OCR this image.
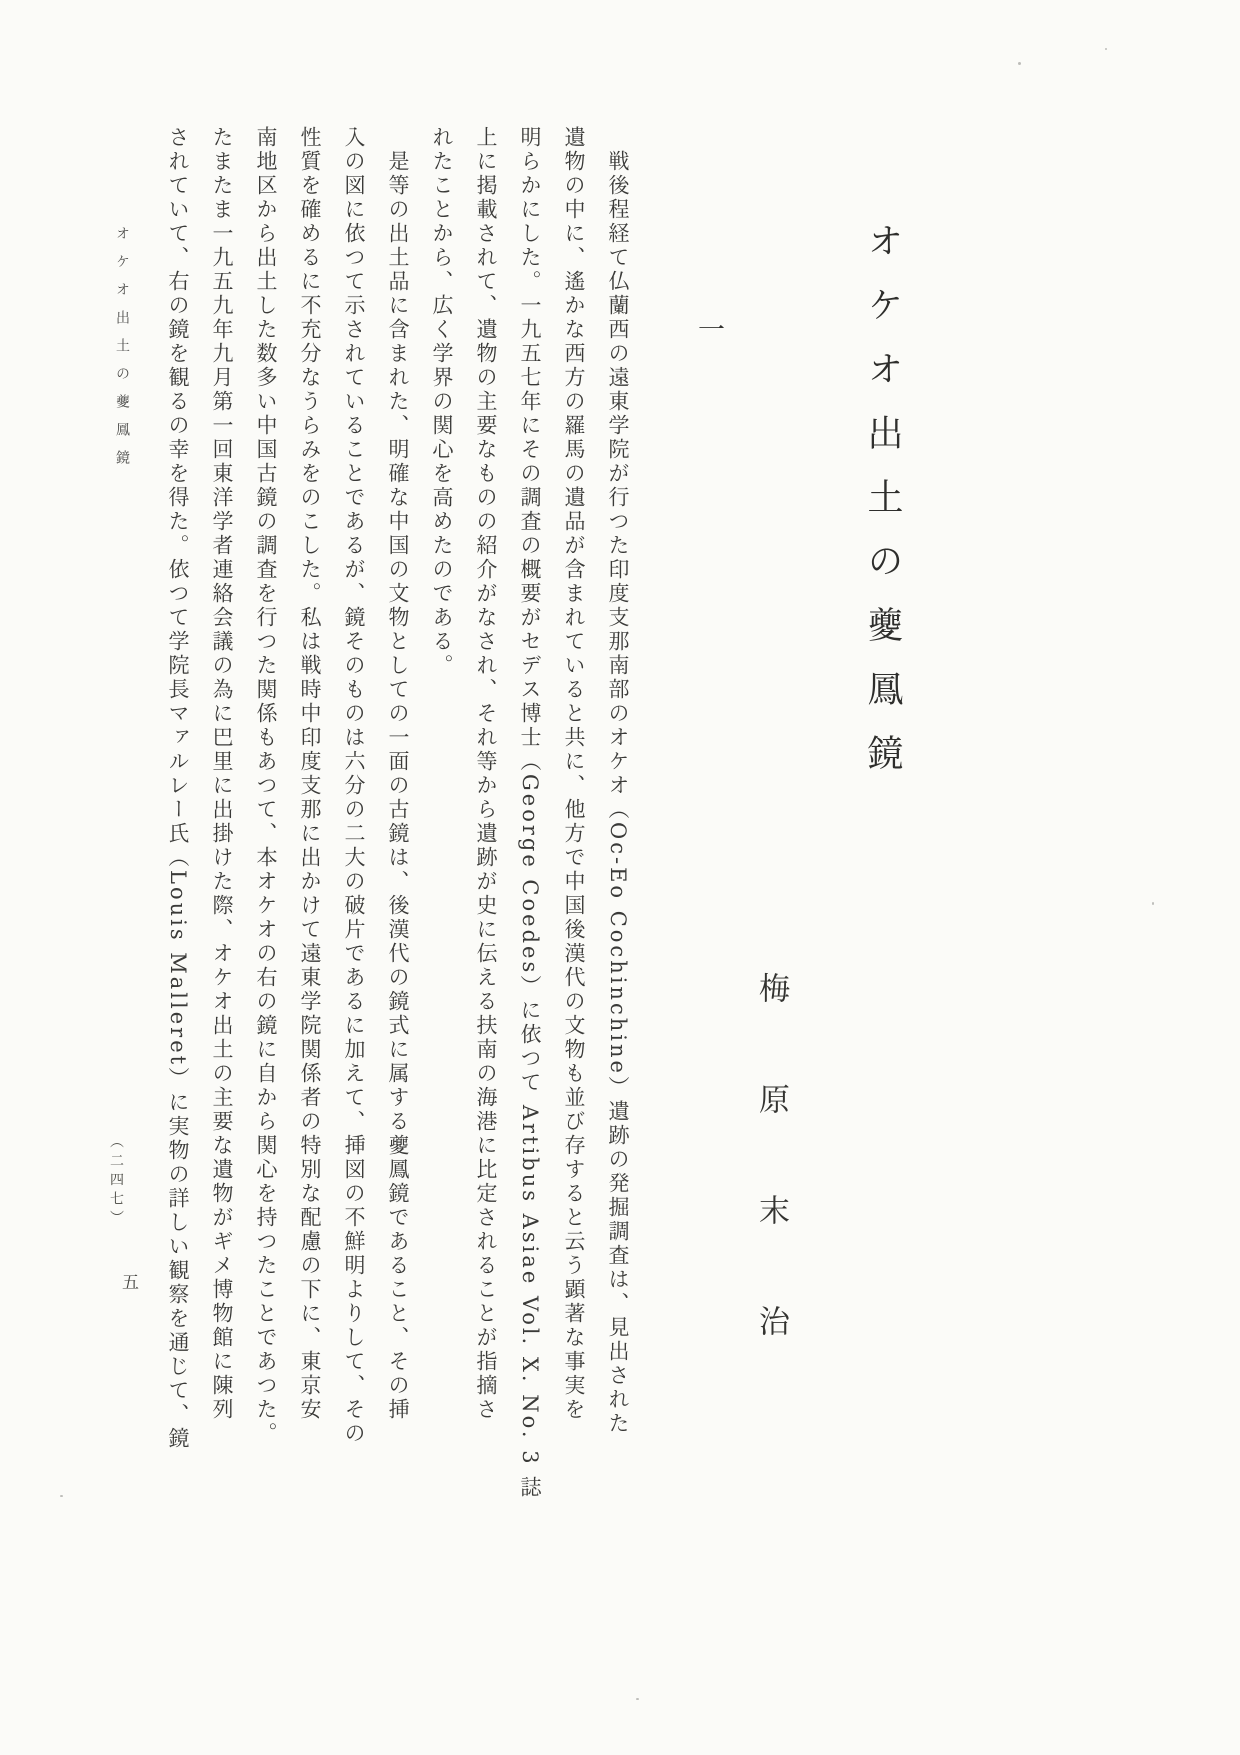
オケオ出土の夔鳳鏡
梅原末治
一
　戦後程経て仏蘭西の遠東学院が行つた印度支那南部のオケオ（Oc-Eo Cochinchine）遺跡の発掘調査は、見出された
遺物の中に、遙かな西方の羅馬の遺品が含まれていると共に、他方で中国後漢代の文物も並び存すると云う顕著な事実を
明らかにした。一九五七年にその調査の概要がセデス博士（George Coedes）に依つて Artibus Asiae Vol. X. No. 3 誌
上に掲載されて、遺物の主要なものの紹介がなされ、それ等から遺跡が史に伝える扶南の海港に比定されることが指摘さ
れたことから、広く学界の関心を高めたのである。
　是等の出土品に含まれた、明確な中国の文物としての一面の古鏡は、後漢代の鏡式に属する夔鳳鏡であること、その挿
入の図に依つて示されていることであるが、鏡そのものは六分の二大の破片であるに加えて、挿図の不鮮明よりして、その
性質を確めるに不充分なうらみをのこした。私は戦時中印度支那に出かけて遠東学院関係者の特別な配慮の下に、東京安
南地区から出土した数多い中国古鏡の調査を行つた関係もあつて、本オケオの右の鏡に自から関心を持つたことであつた。
たまたま一九五九年九月第一回東洋学者連絡会議の為に巴里に出掛けた際、オケオ出土の主要な遺物がギメ博物館に陳列
されていて、右の鏡を観るの幸を得た。依つて学院長マァルレー氏（Louis Malleret）に実物の詳しい観察を通じて、鏡
オケオ出土の夔鳳鏡
（二四七）
五
